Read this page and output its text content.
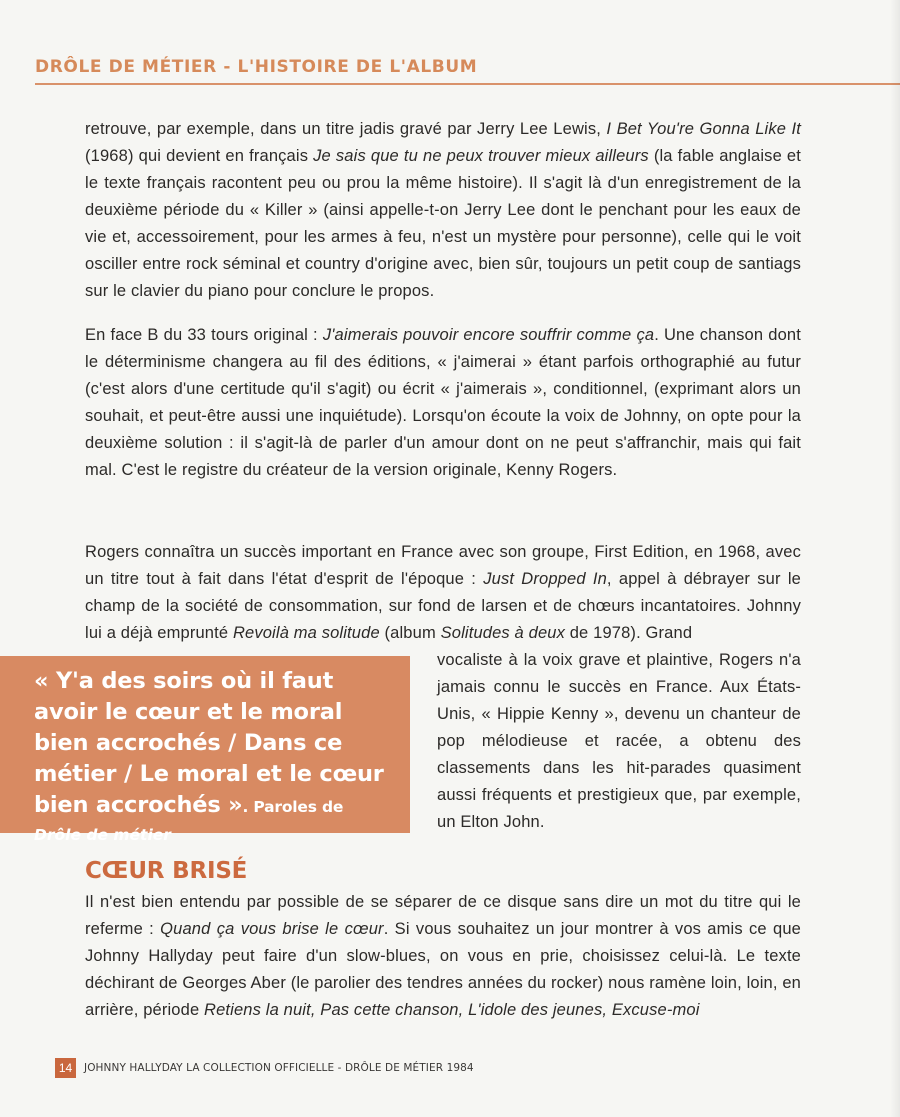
DRÔLE DE MÉTIER - L'HISTOIRE DE L'ALBUM

retrouve, par exemple, dans un titre jadis gravé par Jerry Lee Lewis, I Bet You're Gonna Like It (1968) qui devient en français Je sais que tu ne peux trouver mieux ailleurs (la fable anglaise et le texte français racontent peu ou prou la même histoire). Il s'agit là d'un enregistrement de la deuxième période du « Killer » (ainsi appelle-t-on Jerry Lee dont le penchant pour les eaux de vie et, accessoirement, pour les armes à feu, n'est un mystère pour personne), celle qui le voit osciller entre rock séminal et country d'origine avec, bien sûr, toujours un petit coup de santiags sur le clavier du piano pour conclure le propos.

En face B du 33 tours original : J'aimerais pouvoir encore souffrir comme ça. Une chanson dont le déterminisme changera au fil des éditions, « j'aimerai » étant parfois orthographié au futur (c'est alors d'une certitude qu'il s'agit) ou écrit « j'aimerais », conditionnel, (exprimant alors un souhait, et peut-être aussi une inquiétude). Lorsqu'on écoute la voix de Johnny, on opte pour la deuxième solution : il s'agit-là de parler d'un amour dont on ne peut s'affranchir, mais qui fait mal. C'est le registre du créateur de la version originale, Kenny Rogers.

Rogers connaîtra un succès important en France avec son groupe, First Edition, en 1968, avec un titre tout à fait dans l'état d'esprit de l'époque : Just Dropped In, appel à débrayer sur le champ de la société de consommation, sur fond de larsen et de chœurs incantatoires. Johnny lui a déjà emprunté Revoilà ma solitude (album Solitudes à deux de 1978). Grand

« Y'a des soirs où il faut avoir le cœur et le moral bien accrochés / Dans ce métier / Le moral et le cœur bien accrochés ». Paroles de
Drôle de métier

vocaliste à la voix grave et plaintive, Rogers n'a jamais connu le succès en France. Aux États-Unis, « Hippie Kenny », devenu un chanteur de pop mélodieuse et racée, a obtenu des classements dans les hit-parades quasiment aussi fréquents et prestigieux que, par exemple, un Elton John.

CŒUR BRISÉ

Il n'est bien entendu par possible de se séparer de ce disque sans dire un mot du titre qui le referme : Quand ça vous brise le cœur. Si vous souhaitez un jour montrer à vos amis ce que Johnny Hallyday peut faire d'un slow-blues, on vous en prie, choisissez celui-là. Le texte déchirant de Georges Aber (le parolier des tendres années du rocker) nous ramène loin, loin, en arrière, période Retiens la nuit, Pas cette chanson, L'idole des jeunes, Excuse-moi

14	JOHNNY HALLYDAY LA COLLECTION OFFICIELLE - DRÔLE DE MÉTIER 1984
